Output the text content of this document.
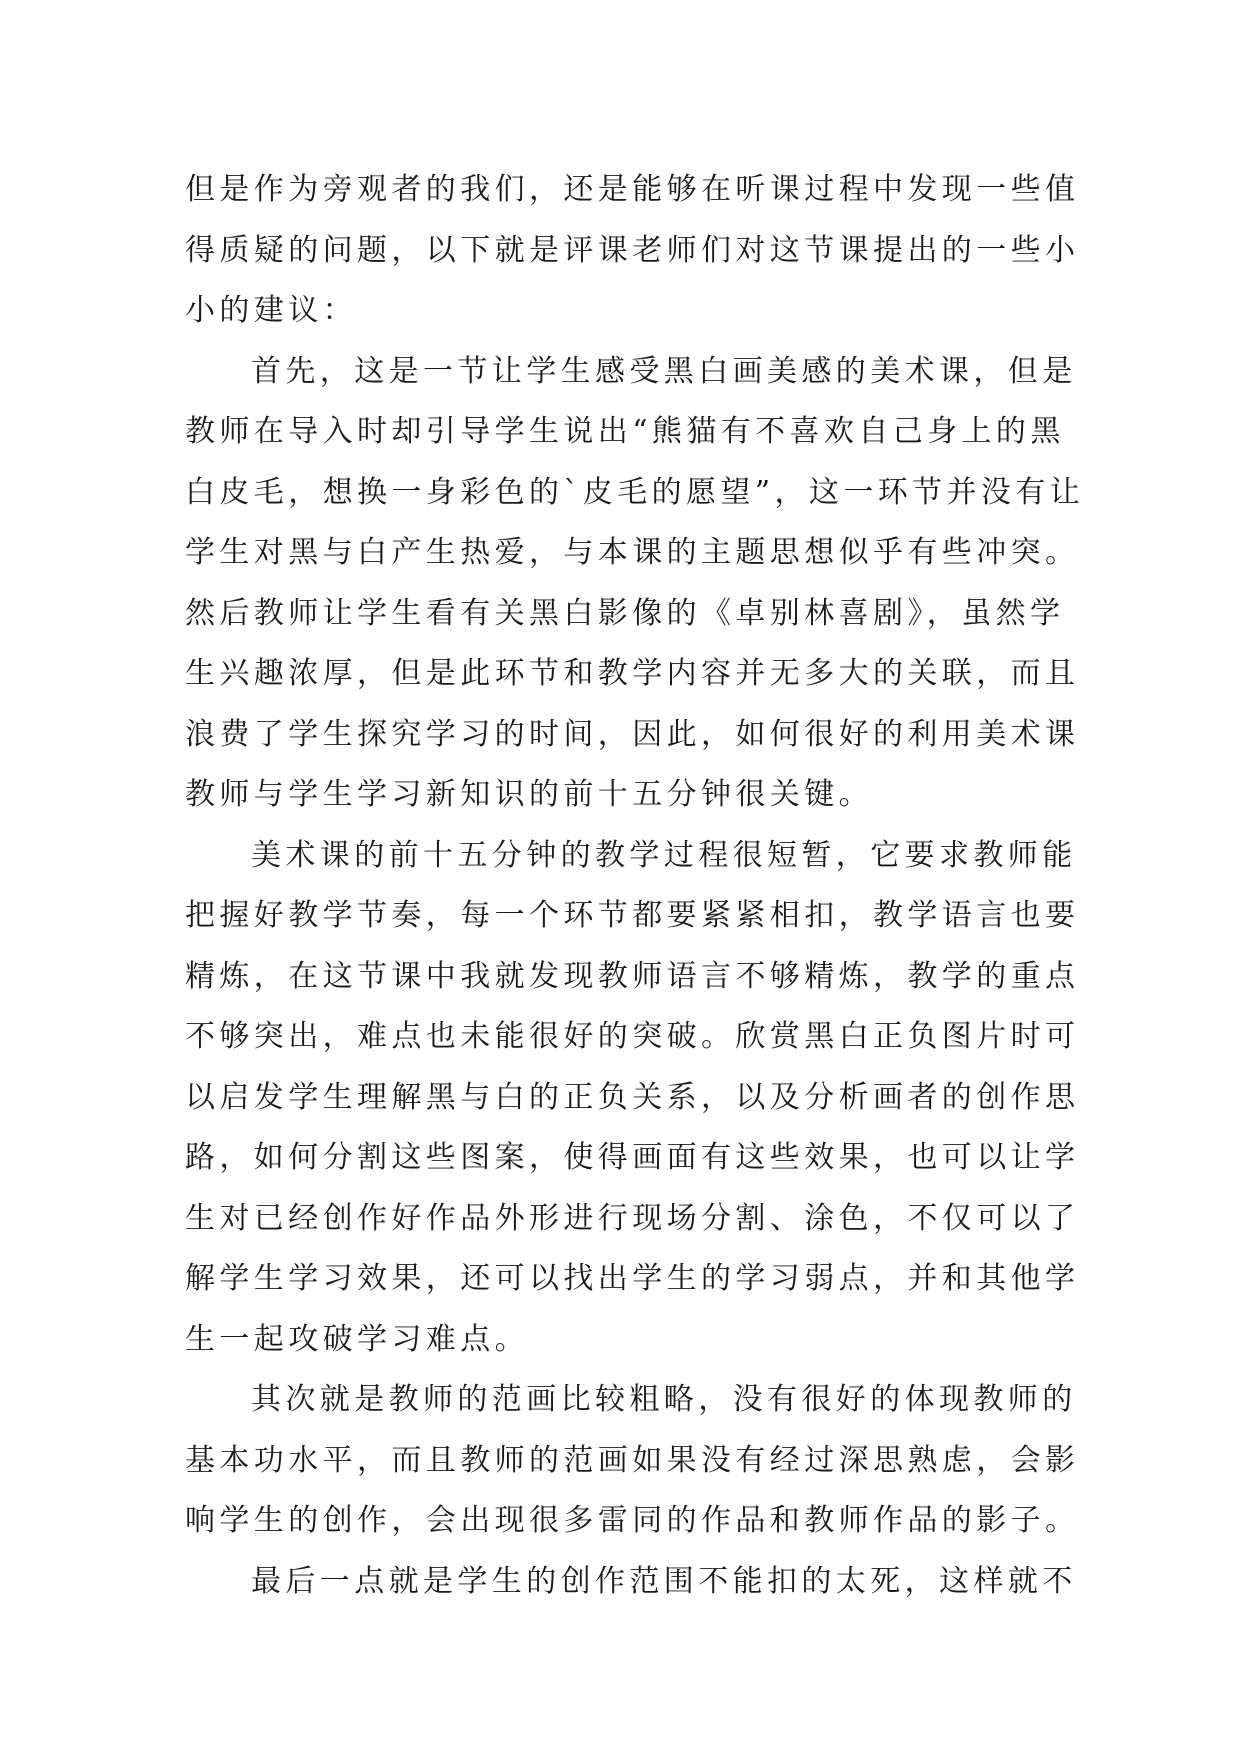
但是作为旁观者的我们，还是能够在听课过程中发现一些值
得质疑的问题，以下就是评课老师们对这节课提出的一些小
小的建议：
首先，这是一节让学生感受黑白画美感的美术课，但是
教师在导入时却引导学生说出“熊猫有不喜欢自己身上的黑
白皮毛，想换一身彩色的`皮毛的愿望”，这一环节并没有让
学生对黑与白产生热爱，与本课的主题思想似乎有些冲突。
然后教师让学生看有关黑白影像的《卓别林喜剧》，虽然学
生兴趣浓厚，但是此环节和教学内容并无多大的关联，而且
浪费了学生探究学习的时间，因此，如何很好的利用美术课
教师与学生学习新知识的前十五分钟很关键。
美术课的前十五分钟的教学过程很短暂，它要求教师能
把握好教学节奏，每一个环节都要紧紧相扣，教学语言也要
精炼，在这节课中我就发现教师语言不够精炼，教学的重点
不够突出，难点也未能很好的突破。欣赏黑白正负图片时可
以启发学生理解黑与白的正负关系，以及分析画者的创作思
路，如何分割这些图案，使得画面有这些效果，也可以让学
生对已经创作好作品外形进行现场分割、涂色，不仅可以了
解学生学习效果，还可以找出学生的学习弱点，并和其他学
生一起攻破学习难点。
其次就是教师的范画比较粗略，没有很好的体现教师的
基本功水平，而且教师的范画如果没有经过深思熟虑，会影
响学生的创作，会出现很多雷同的作品和教师作品的影子。
最后一点就是学生的创作范围不能扣的太死，这样就不
